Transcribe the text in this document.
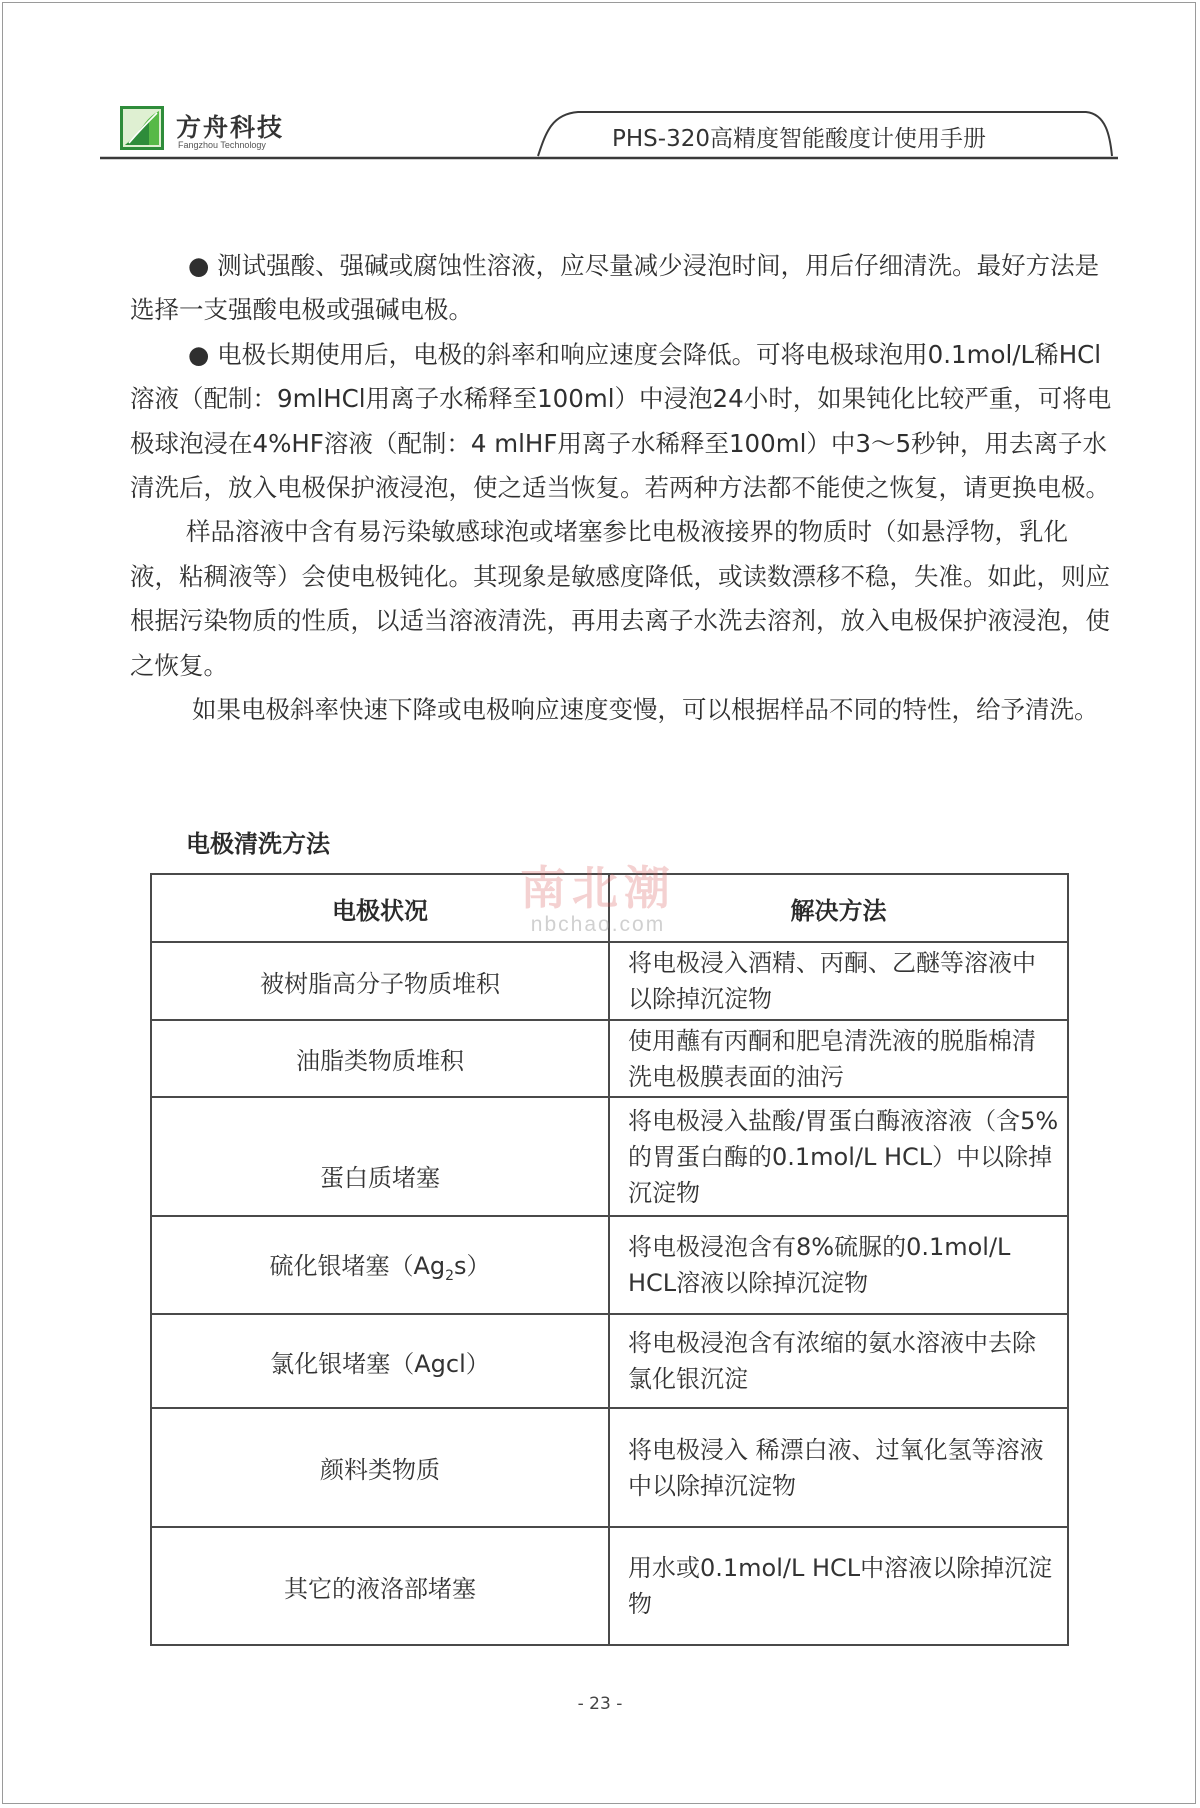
方舟科技
Fangzhou Technology	PHS-320高精度智能酸度计使用手册

● 测试强酸、强碱或腐蚀性溶液，应尽量减少浸泡时间，用后仔细清洗。最好方法是选择一支强酸电极或强碱电极。

● 电极长期使用后，电极的斜率和响应速度会降低。可将电极球泡用0.1mol/L稀HCl溶液（配制：9mlHCl用离子水稀释至100ml）中浸泡24小时，如果钝化比较严重，可将电极球泡浸在4%HF溶液（配制：4 mlHF用离子水稀释至100ml）中3～5秒钟，用去离子水清洗后，放入电极保护液浸泡，使之适当恢复。若两种方法都不能使之恢复，请更换电极。

样品溶液中含有易污染敏感球泡或堵塞参比电极液接界的物质时（如悬浮物，乳化液，粘稠液等）会使电极钝化。其现象是敏感度降低，或读数漂移不稳，失准。如此，则应根据污染物质的性质，以适当溶液清洗，再用去离子水洗去溶剂，放入电极保护液浸泡，使之恢复。

如果电极斜率快速下降或电极响应速度变慢，可以根据样品不同的特性，给予清洗。

电极清洗方法
电极状况	解决方法
被树脂高分子物质堆积	将电极浸入酒精、丙酮、乙醚等溶液中以除掉沉淀物
油脂类物质堆积	使用蘸有丙酮和肥皂清洗液的脱脂棉清洗电极膜表面的油污
蛋白质堵塞	将电极浸入盐酸/胃蛋白酶液溶液（含5%的胃蛋白酶的0.1mol/L HCL）中以除掉沉淀物
硫化银堵塞$(Ag_2s)$	将电极浸泡含有8%硫脲的0.1mol/L HCL溶液以除掉沉淀物
氯化银堵塞（Agcl）	将电极浸泡含有浓缩的氨水溶液中去除氯化银沉淀
颜料类物质	将电极浸入 稀漂白液、过氧化氢等溶液中以除掉沉淀物
其它的液洛部堵塞	用水或0.1mol/L HCL中溶液以除掉沉淀物
南北潮
nbchao.com
- 23 -
